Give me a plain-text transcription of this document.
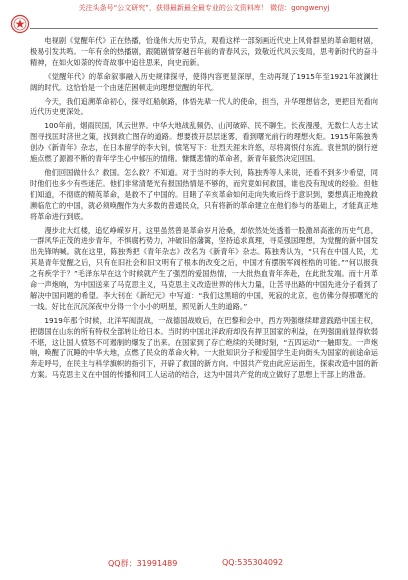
关注头条号“公文研究”，获得最新最全最专业的公文资料库！ 微信：gongwenyj

电视剧《觉醒年代》正在热播，恰逢伟大历史节点，观看这样一部刻画近代史上风骨群星的革命题材剧，极易引发共鸣。一年有余的热播剧，跟随剧情穿越百年前的青春风云，致敬近代风云变局，思考新时代的奋斗精神，在如火如荼的传奇故事中追往思来，向史而新。

《觉醒年代》的革命叙事融入历史规律探寻，使得内容更显深厚，生动再现了1915年至1921年波澜壮阔的时代。这恰恰是一个由迷茫困顿走向理想觉醒的年代。

今天，我们追溯革命初心，探寻红船航路，体悟先辈一代人的使命，担当，升华理想信念，更把目光看向近代历史更深处。

100年前，烟雨民国，风云世界。中华大地战乱频仍、山河破碎、民不聊生。长夜漫漫，无数仁人志士试图寻找匡时济世之策，找到救亡图存的道路。想要拨开层层迷雾，看到曙光前行的理想火炬。1915年陈独秀创办《新青年》杂志，在日本留学的李大钊，愤笔写下：壮烈天涯未许悠，尽将离恨付东流。袁世凯的倒行逆施点燃了源源不断的青年学生心中郁压的情绪。慷慨悲情的革命者，新青年毅然决定回国。

他们回国做什么？救国。怎么救？不知道。对于当时的李大钊，陈独秀等人来说，还看不到多少希望，同时他们也多少有些迷茫。他们非常清楚光有报国热情是不够的，而究竟如何救国，谁也没有现成的经验。但他们知道，不彻底的精英革命，是救不了中国的。目睹了辛亥革命如何走向失败后终于意识到，要想真正地挽救濒临危亡的中国，就必须唤醒作为大多数的普通民众，只有将新的革命建立在他们参与的基础上，才能真正地将革命进行到底。

漫步北大红楼，追忆峥嵘岁月。这里虽然曾是革命岁月沧桑，却依然处处透着一股激昂高涨的历史气息，一群风华正茂的进步青年，不惧腐朽势力，冲破旧俗藩篱，坚持追求真理，寻觅强国理想，为觉醒的新中国发出先锋呐喊。就在这里，陈独秀把《青年杂志》改名为《新青年》杂志。陈独秀认为，“只有在中国人民，尤其是青年觉醒之后，只有在旧社会和旧文明有了根本的改变之后，中国才有摆脱军阀桎梏的可能。”“何以报我之有疾学于？”毛泽东早在这个时候就产生了强烈的爱国热情，一大批热血青年奔赴，在此批发端。而十月革命一声炮响，为中国送来了马克思主义，马克思主义改造世界的伟大力量，让苦寻出路的中国先进分子看到了解决中国问题的希望。李大钊在《新纪元》中写道：“我们这黑暗的中国，死寂的北京，也仿佛分得那曙光的一线。好比在沉沉深夜中分得一个小小的明星，照见新人生的道路。”

1919年那个时候，北洋军阀混战，一战德国战败后，在巴黎和会中，西方列强继续肆意践踏中国主权，把德国在山东的所有特权全部转让给日本。当时的中国北洋政府却没有捍卫国家的利益，在列强面前显得软弱不堪，这让国人愤怒不可遏制的爆发了出来。在国家到了存亡绝续的关键时刻，“五四运动”一触即发。一声炮响，唤醒了沉睡的中华大地，点燃了民众的革命火种。一大批知识分子和爱国学生走向街头为国家的前途命运奔走呼号，在民主与科学旗帜的指引下，开辟了救国的新方向。中国共产党由此应运而生，探索改造中国的新方案。马克思主义在中国的传播和同工人运动的结合，这为中国共产党的成立做好了思想上干部上的准备。

QQ群：31991489	QQ:535304092
